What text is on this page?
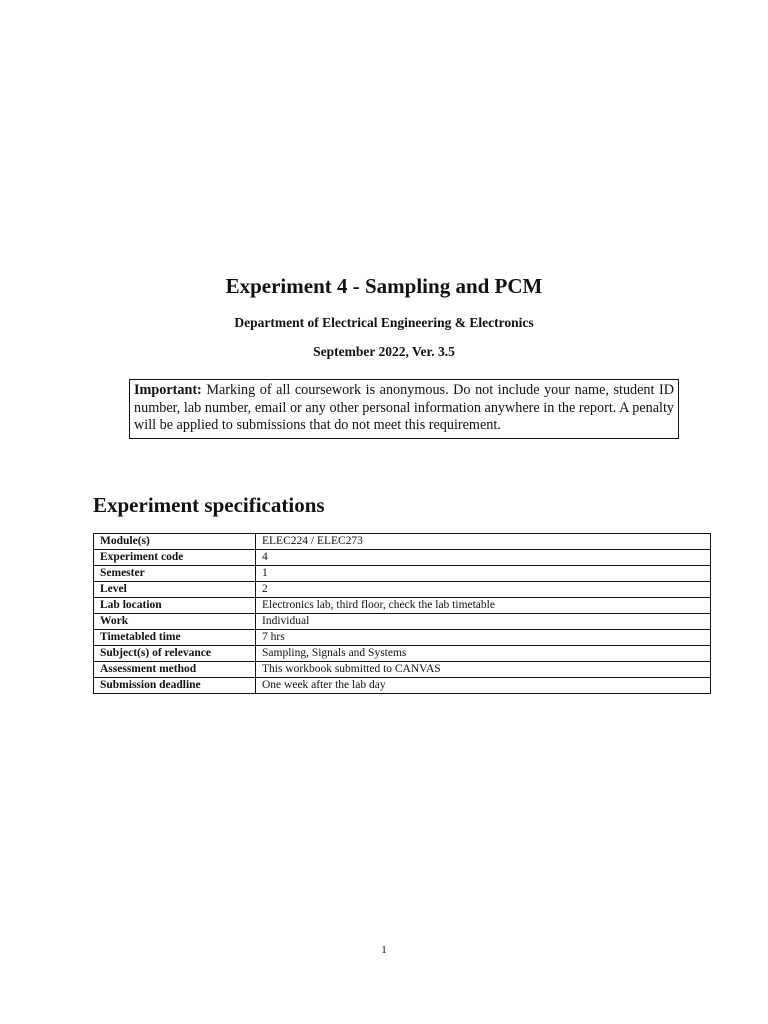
Experiment 4 - Sampling and PCM
Department of Electrical Engineering & Electronics
September 2022, Ver. 3.5
Important: Marking of all coursework is anonymous. Do not include your name, student ID number, lab number, email or any other personal information anywhere in the report. A penalty will be applied to submissions that do not meet this requirement.
Experiment specifications
Module(s)	ELEC224 / ELEC273
Experiment code	4
Semester	1
Level	2
Lab location	Electronics lab, third floor, check the lab timetable
Work	Individual
Timetabled time	7 hrs
Subject(s) of relevance	Sampling, Signals and Systems
Assessment method	This workbook submitted to CANVAS
Submission deadline	One week after the lab day
1
